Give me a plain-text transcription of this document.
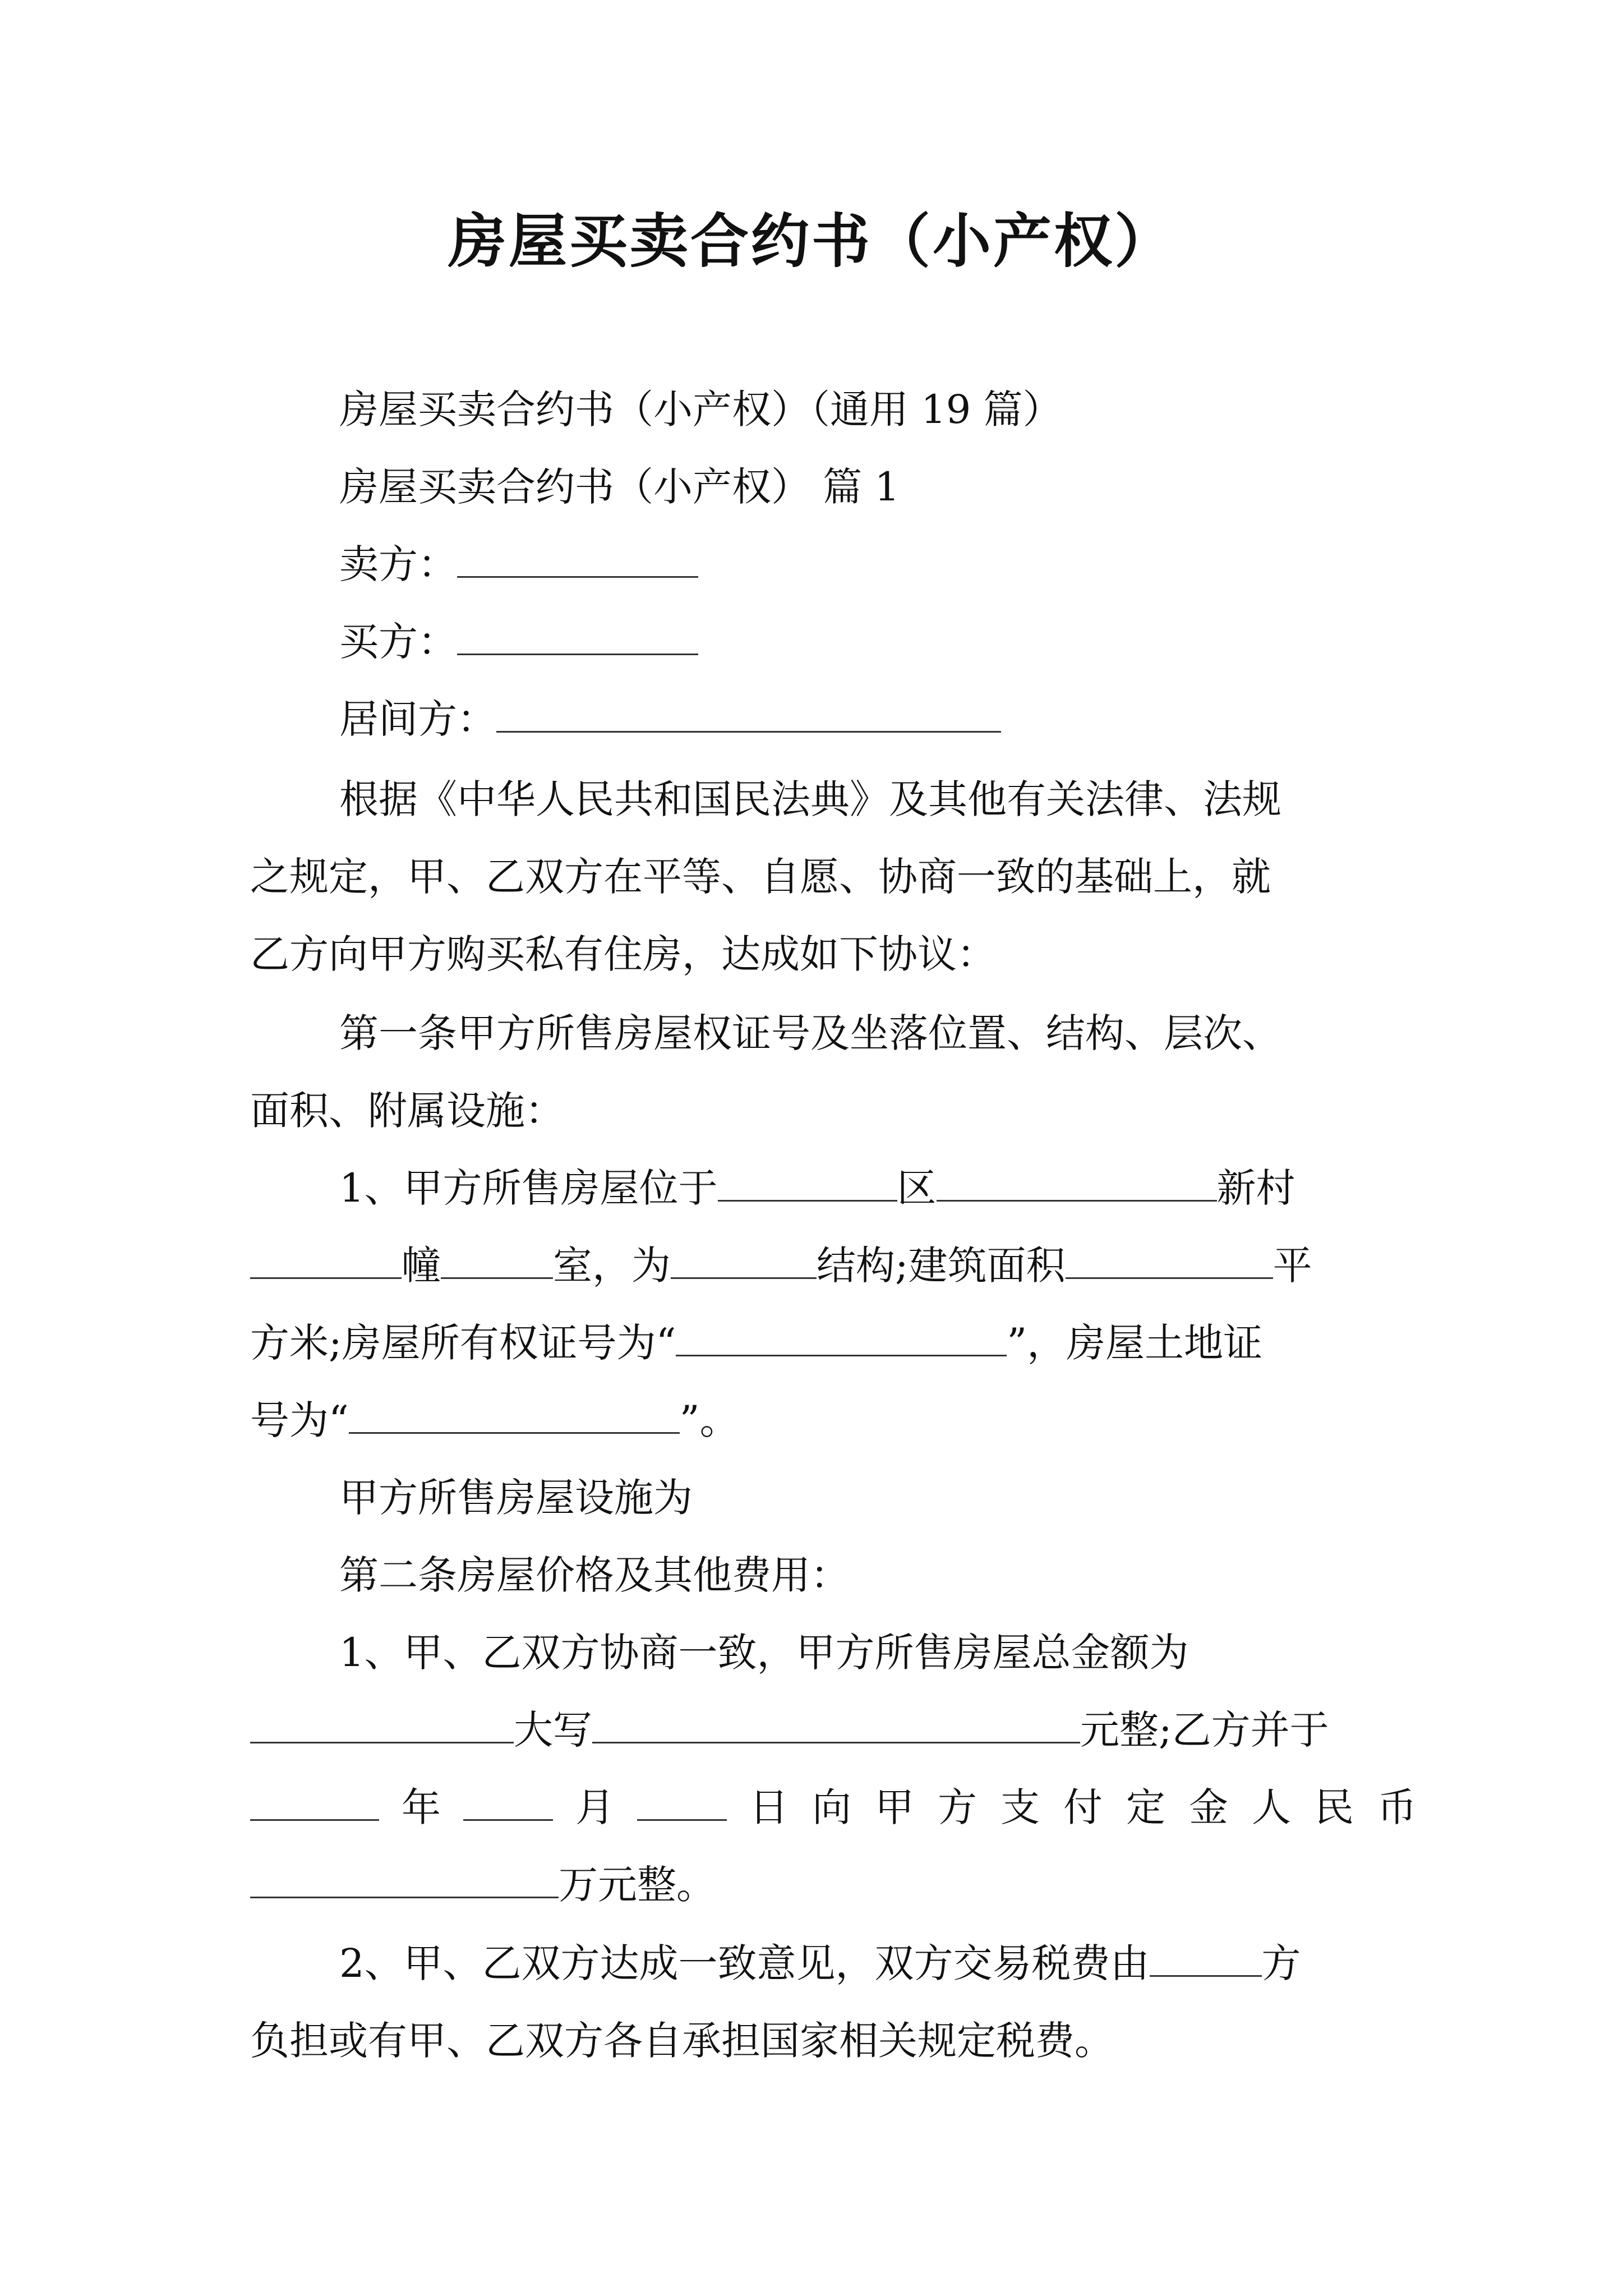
房屋买卖合约书（小产权）
房屋买卖合约书（小产权）（通用 19 篇）
房屋买卖合约书（小产权） 篇 1
卖方：
买方：
居间方：
根据《中华人民共和国民法典》及其他有关法律、法规
之规定，甲、乙双方在平等、自愿、协商一致的基础上，就
乙方向甲方购买私有住房，达成如下协议：
第一条甲方所售房屋权证号及坐落位置、结构、层次、
面积、附属设施：
1、甲方所售房屋位于	区	新村
幢	室，为	结构;建筑面积	平
方米;房屋所有权证号为“	”，房屋土地证
号为“	”。
甲方所售房屋设施为
第二条房屋价格及其他费用：
1、甲、乙双方协商一致，甲方所售房屋总金额为
大写	元整;乙方并于
年	月	日向甲方支付定金人民币
万元整。
2、甲、乙双方达成一致意见，双方交易税费由	方
负担或有甲、乙双方各自承担国家相关规定税费。
